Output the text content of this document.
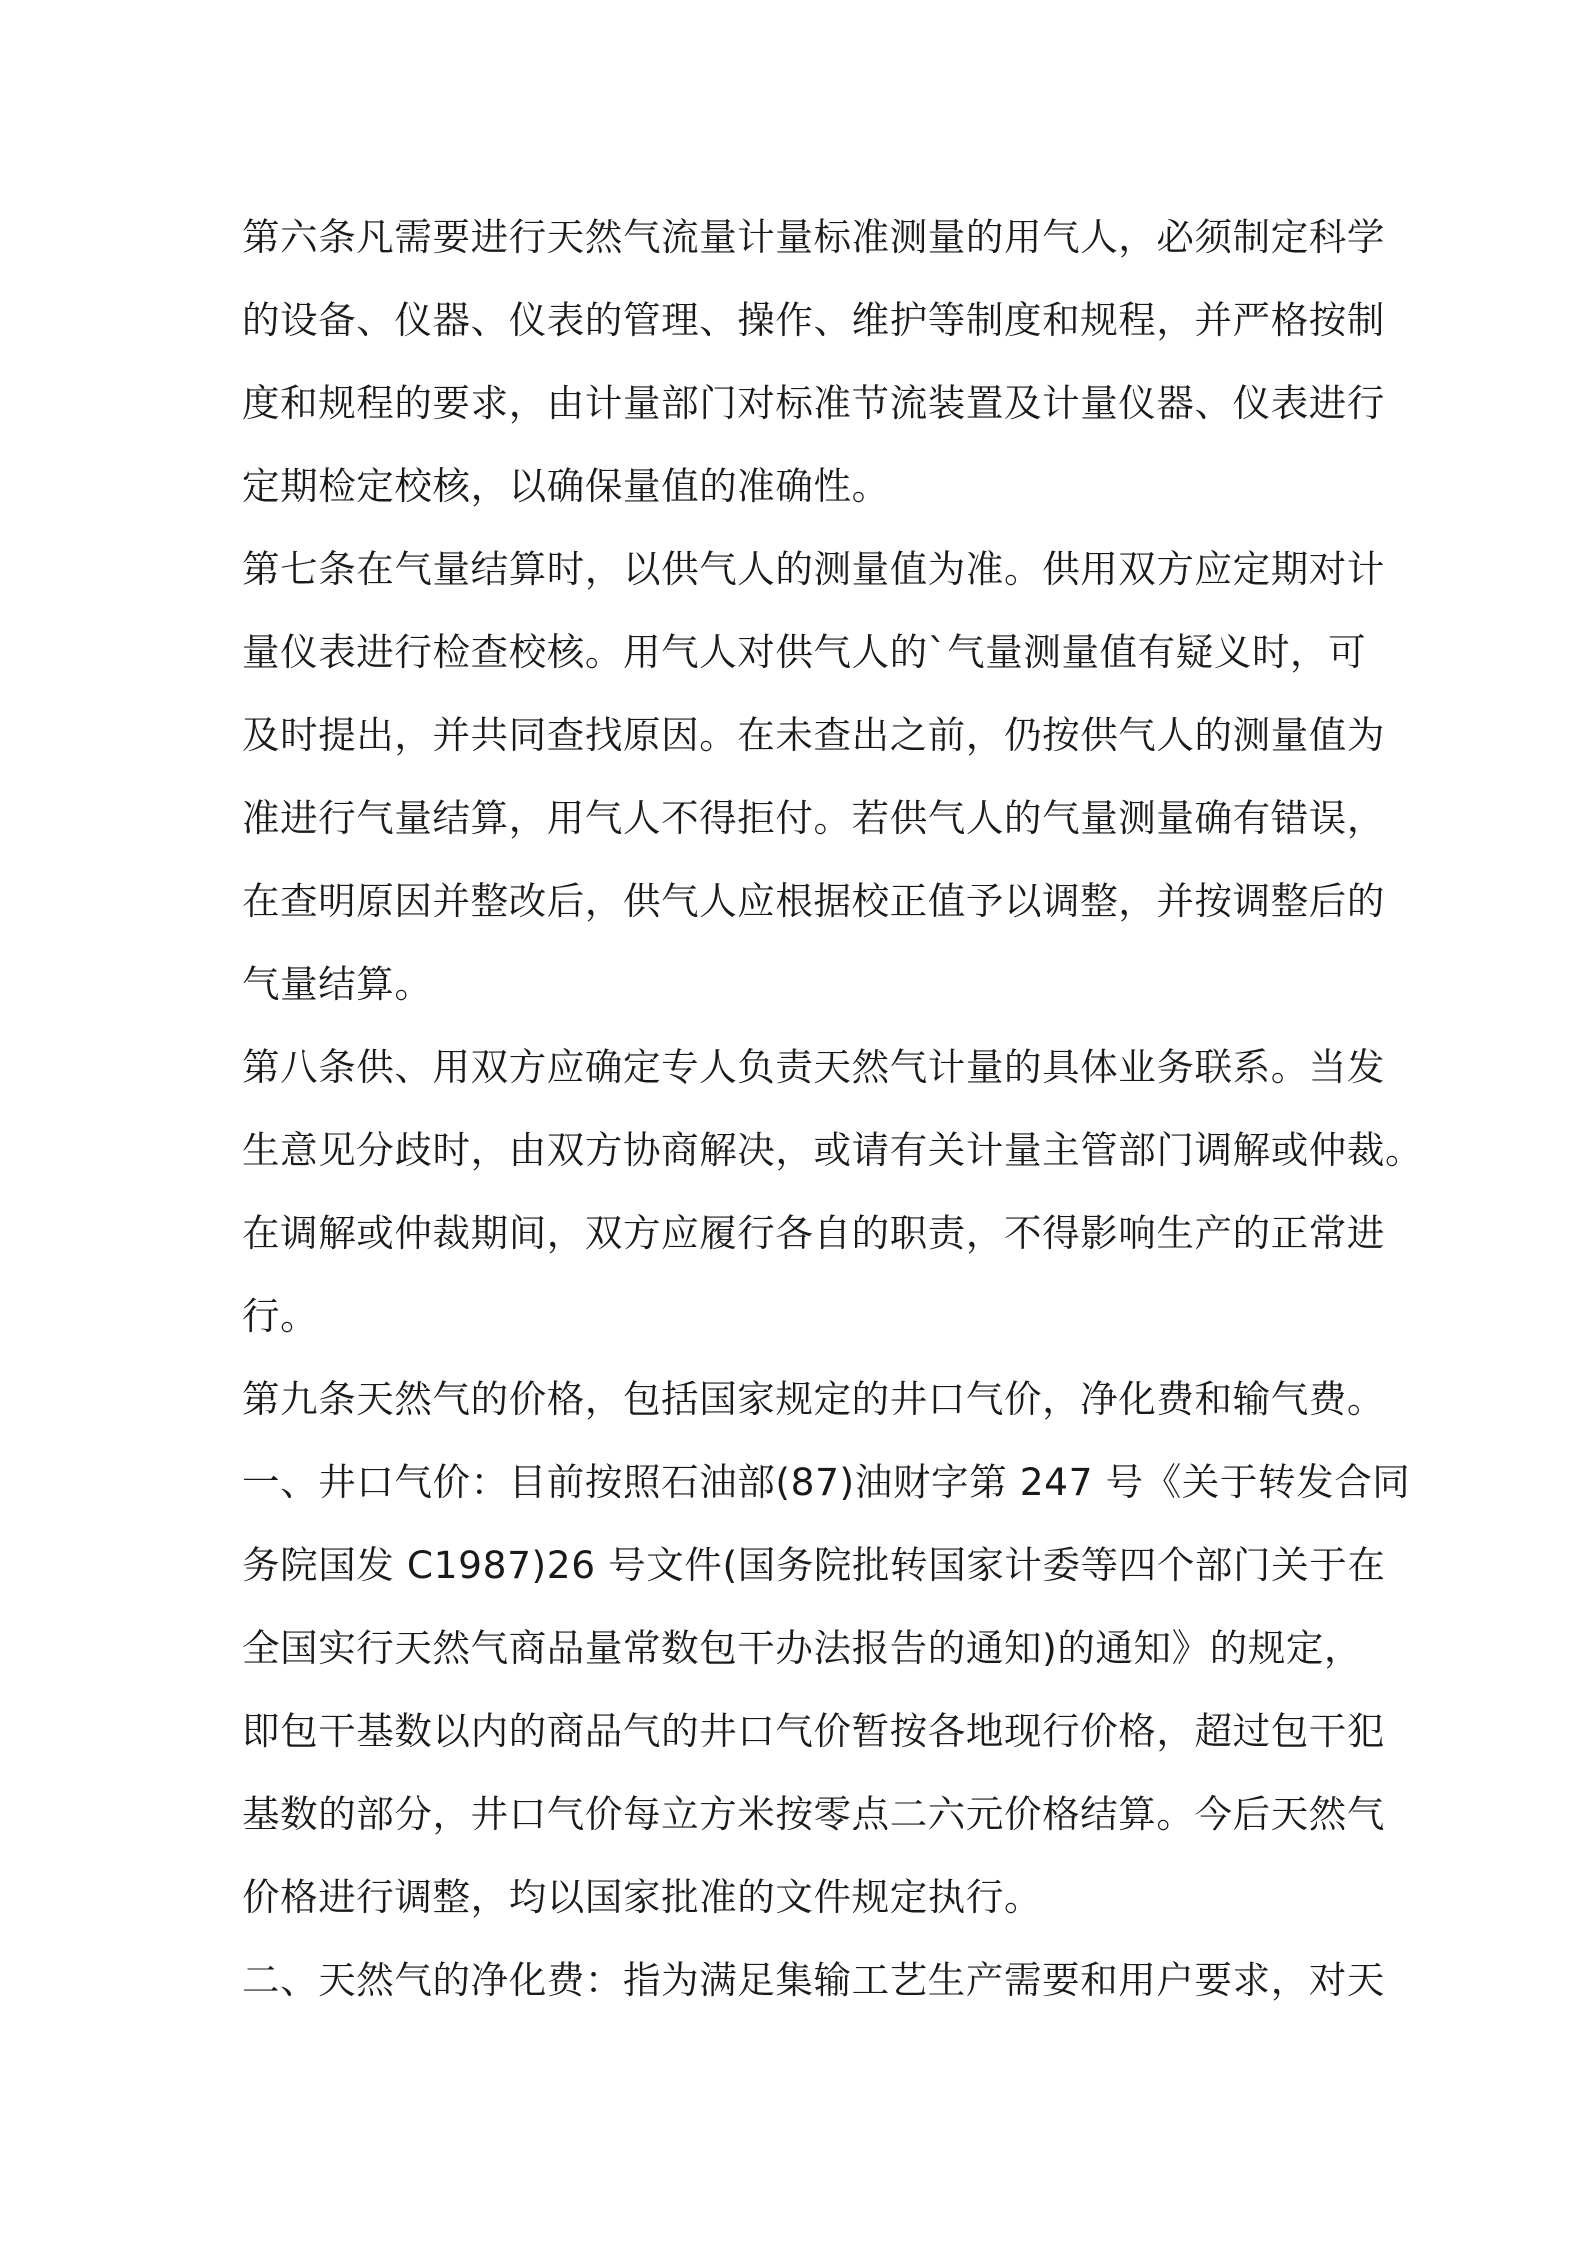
第六条凡需要进行天然气流量计量标准测量的用气人，必须制定科学
的设备、仪器、仪表的管理、操作、维护等制度和规程，并严格按制
度和规程的要求，由计量部门对标准节流装置及计量仪器、仪表进行
定期检定校核，以确保量值的准确性。
第七条在气量结算时，以供气人的测量值为准。供用双方应定期对计
量仪表进行检查校核。用气人对供气人的`气量测量值有疑义时，可
及时提出，并共同查找原因。在未查出之前，仍按供气人的测量值为
准进行气量结算，用气人不得拒付。若供气人的气量测量确有错误，
在查明原因并整改后，供气人应根据校正值予以调整，并按调整后的
气量结算。
第八条供、用双方应确定专人负责天然气计量的具体业务联系。当发
生意见分歧时，由双方协商解决，或请有关计量主管部门调解或仲裁。
在调解或仲裁期间，双方应履行各自的职责，不得影响生产的正常进
行。
第九条天然气的价格，包括国家规定的井口气价，净化费和输气费。
一、井口气价：目前按照石油部(87)油财字第 247 号《关于转发合同
务院国发 C1987)26 号文件(国务院批转国家计委等四个部门关于在
全国实行天然气商品量常数包干办法报告的通知)的通知》的规定，
即包干基数以内的商品气的井口气价暂按各地现行价格，超过包干犯
基数的部分，井口气价每立方米按零点二六元价格结算。今后天然气
价格进行调整，均以国家批准的文件规定执行。
二、天然气的净化费：指为满足集输工艺生产需要和用户要求，对天
